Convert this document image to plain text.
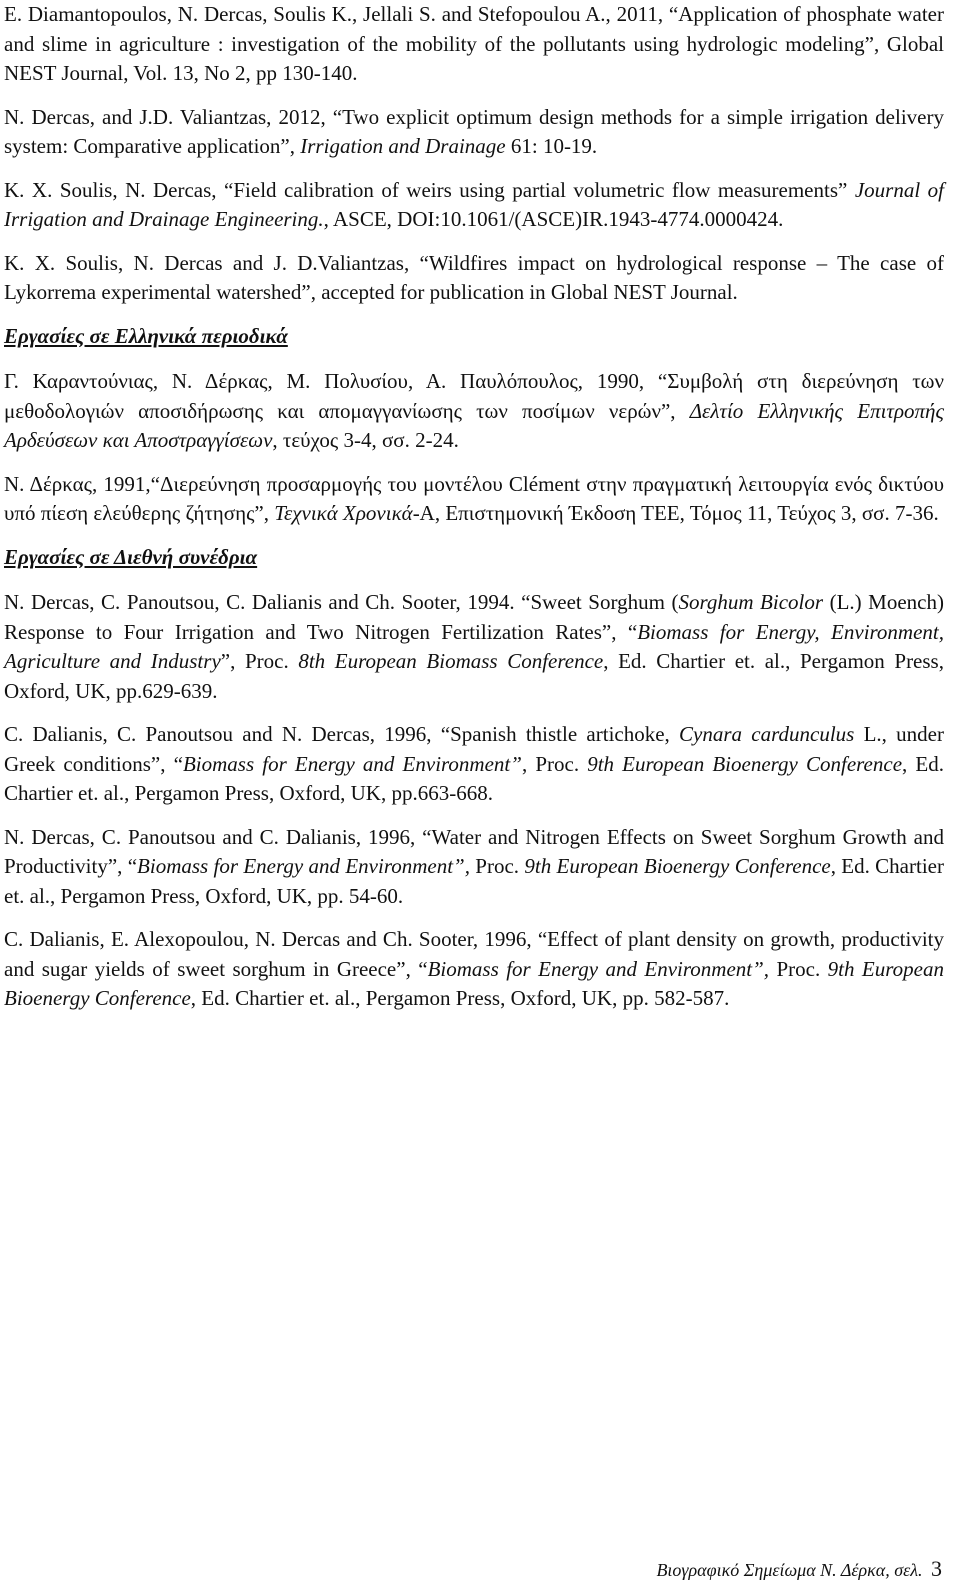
E. Diamantopoulos, N. Dercas, Soulis K., Jellali S. and Stefopoulou A., 2011, “Application of phosphate water and slime in agriculture : investigation of the mobility of the pollutants using hydrologic modeling”, Global NEST Journal, Vol. 13, No 2, pp 130-140.

N. Dercas, and J.D. Valiantzas, 2012, “Two explicit optimum design methods for a simple irrigation delivery system: Comparative application”, Irrigation and Drainage 61: 10-19.

K. X. Soulis, N. Dercas, “Field calibration of weirs using partial volumetric flow measurements” Journal of Irrigation and Drainage Engineering., ASCE, DOI:10.1061/(ASCE)IR.1943-4774.0000424.

K. X. Soulis, N. Dercas and J. D.Valiantzas, “Wildfires impact on hydrological response – The case of Lykorrema experimental watershed”, accepted for publication in Global NEST Journal.

Εργασίες σε Ελληνικά περιοδικά

Γ. Καραντούνιας, Ν. Δέρκας, Μ. Πολυσίου, Α. Παυλόπουλος, 1990, “Συμβολή στη διερεύνηση των μεθοδολογιών αποσιδήρωσης και απομαγγανίωσης των ποσίμων νερών”, Δελτίο Ελληνικής Επιτροπής Αρδεύσεων και Αποστραγγίσεων, τεύχος 3-4, σσ. 2-24.

Ν. Δέρκας, 1991,“Διερεύνηση προσαρμογής του μοντέλου Clément στην πραγματική λειτουργία ενός δικτύου υπό πίεση ελεύθερης ζήτησης”, Τεχνικά Χρονικά-Α, Επιστημονική Έκδοση ΤΕΕ, Τόμος 11, Τεύχος 3, σσ. 7-36.

Εργασίες σε Διεθνή συνέδρια

N. Dercas, C. Panoutsou, C. Dalianis and Ch. Sooter, 1994. “Sweet Sorghum (Sorghum Bicolor (L.) Moench) Response to Four Irrigation and Two Nitrogen Fertilization Rates”, “Biomass for Energy, Environment, Agriculture and Industry”, Proc. 8th European Biomass Conference, Ed. Chartier et. al., Pergamon Press, Oxford, UK, pp.629-639.

C. Dalianis, C. Panoutsou and N. Dercas, 1996, “Spanish thistle artichoke, Cynara cardunculus L., under Greek conditions”, “Biomass for Energy and Environment”, Proc. 9th European Bioenergy Conference, Ed. Chartier et. al., Pergamon Press, Oxford, UK, pp.663-668.

N. Dercas, C. Panoutsou and C. Dalianis, 1996, “Water and Nitrogen Effects on Sweet Sorghum Growth and Productivity”, “Biomass for Energy and Environment”, Proc. 9th European Bioenergy Conference, Ed. Chartier et. al., Pergamon Press, Oxford, UK, pp. 54-60.

C. Dalianis, E. Alexopoulou, N. Dercas and Ch. Sooter, 1996, “Effect of plant density on growth, productivity and sugar yields of sweet sorghum in Greece”, “Biomass for Energy and Environment”, Proc. 9th European Bioenergy Conference, Ed. Chartier et. al., Pergamon Press, Oxford, UK, pp. 582-587.

Βιογραφικό Σημείωμα Ν. Δέρκα, σελ. 3
